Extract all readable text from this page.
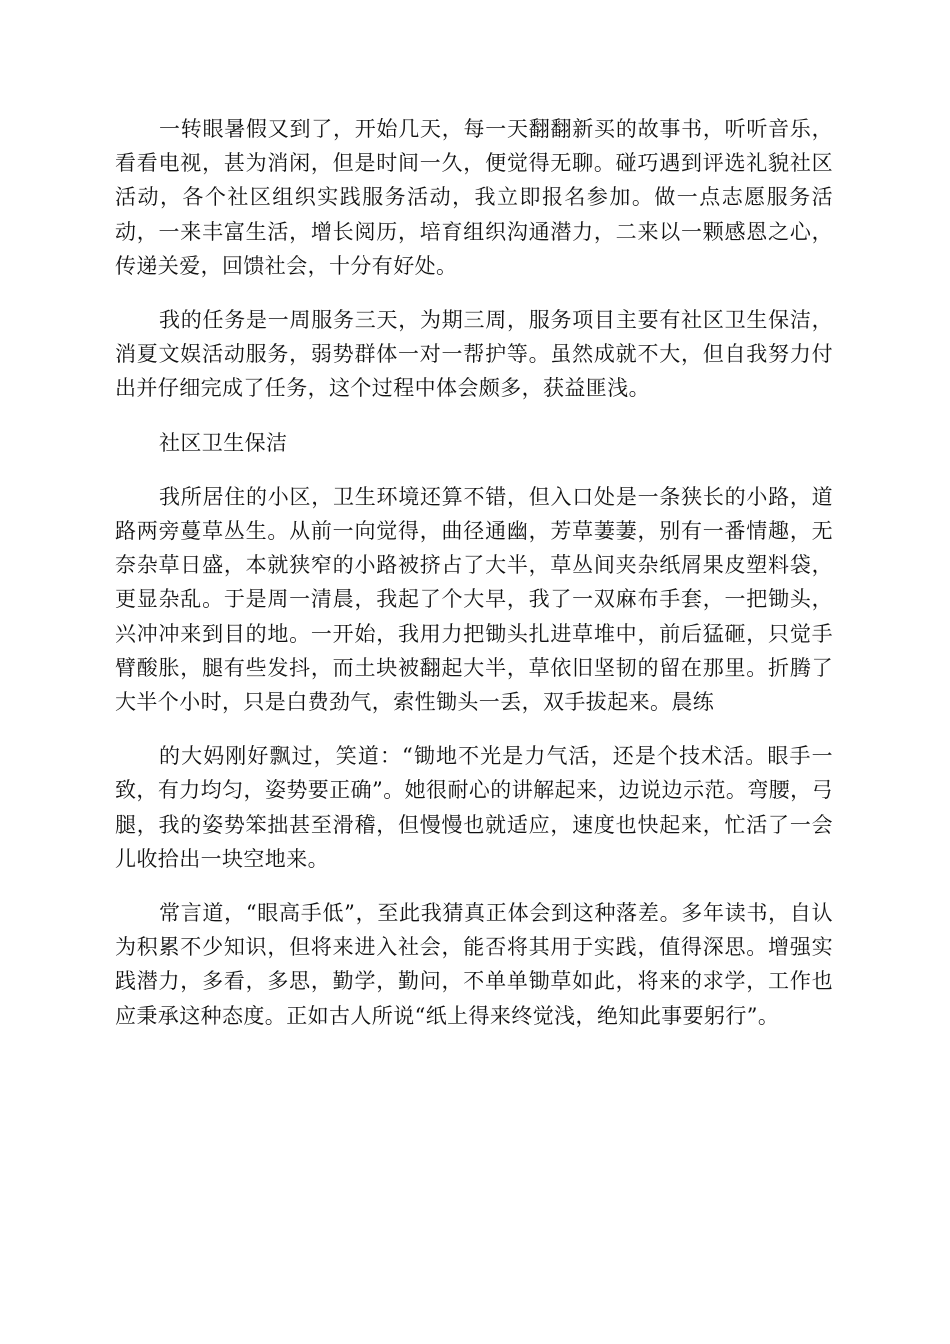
一转眼暑假又到了，开始几天，每一天翻翻新买的故事书，听听音乐，看看电视，甚为消闲，但是时间一久，便觉得无聊。碰巧遇到评选礼貌社区活动，各个社区组织实践服务活动，我立即报名参加。做一点志愿服务活动，一来丰富生活，增长阅历，培育组织沟通潜力，二来以一颗感恩之心，传递关爱，回馈社会，十分有好处。

我的任务是一周服务三天，为期三周，服务项目主要有社区卫生保洁，消夏文娱活动服务，弱势群体一对一帮护等。虽然成就不大，但自我努力付出并仔细完成了任务，这个过程中体会颇多，获益匪浅。

社区卫生保洁

我所居住的小区，卫生环境还算不错，但入口处是一条狭长的小路，道路两旁蔓草丛生。从前一向觉得，曲径通幽，芳草萋萋，别有一番情趣，无奈杂草日盛，本就狭窄的小路被挤占了大半，草丛间夹杂纸屑果皮塑料袋，更显杂乱。于是周一清晨，我起了个大早，我了一双麻布手套，一把锄头，兴冲冲来到目的地。一开始，我用力把锄头扎进草堆中，前后猛砸，只觉手臂酸胀，腿有些发抖，而土块被翻起大半，草依旧坚韧的留在那里。折腾了大半个小时，只是白费劲气，索性锄头一丢，双手拔起来。晨练

的大妈刚好飘过，笑道：“锄地不光是力气活，还是个技术活。眼手一致，有力均匀，姿势要正确”。她很耐心的讲解起来，边说边示范。弯腰，弓腿，我的姿势笨拙甚至滑稽，但慢慢也就适应，速度也快起来，忙活了一会儿收拾出一块空地来。

常言道，“眼高手低”，至此我猜真正体会到这种落差。多年读书，自认为积累不少知识，但将来进入社会，能否将其用于实践，值得深思。增强实践潜力，多看，多思，勤学，勤问，不单单锄草如此，将来的求学，工作也应秉承这种态度。正如古人所说“纸上得来终觉浅，绝知此事要躬行”。
